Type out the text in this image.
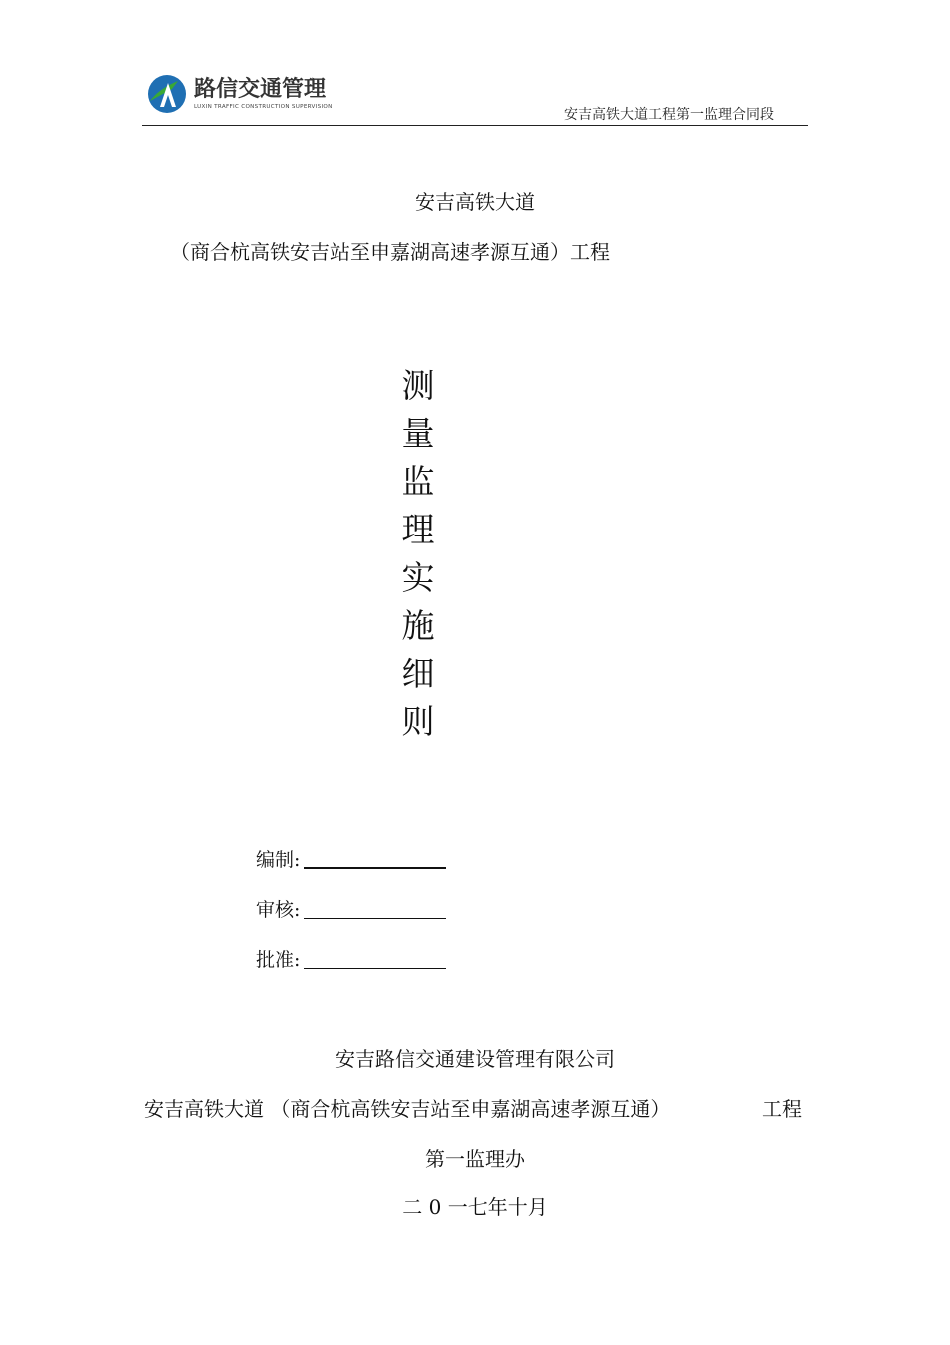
路信交通管理
LUXIN TRAFFIC CONSTRUCTION SUPERVISION	安吉高铁大道工程第一监理合同段
安吉高铁大道
（商合杭高铁安吉站至申嘉湖高速孝源互通）工程
测
量
监
理
实
施
细
则
编制:
审核:
批准:
安吉路信交通建设管理有限公司
安吉高铁大道 （商合杭高铁安吉站至申嘉湖高速孝源互通）	工程
第一监理办
二 0 一七年十月
